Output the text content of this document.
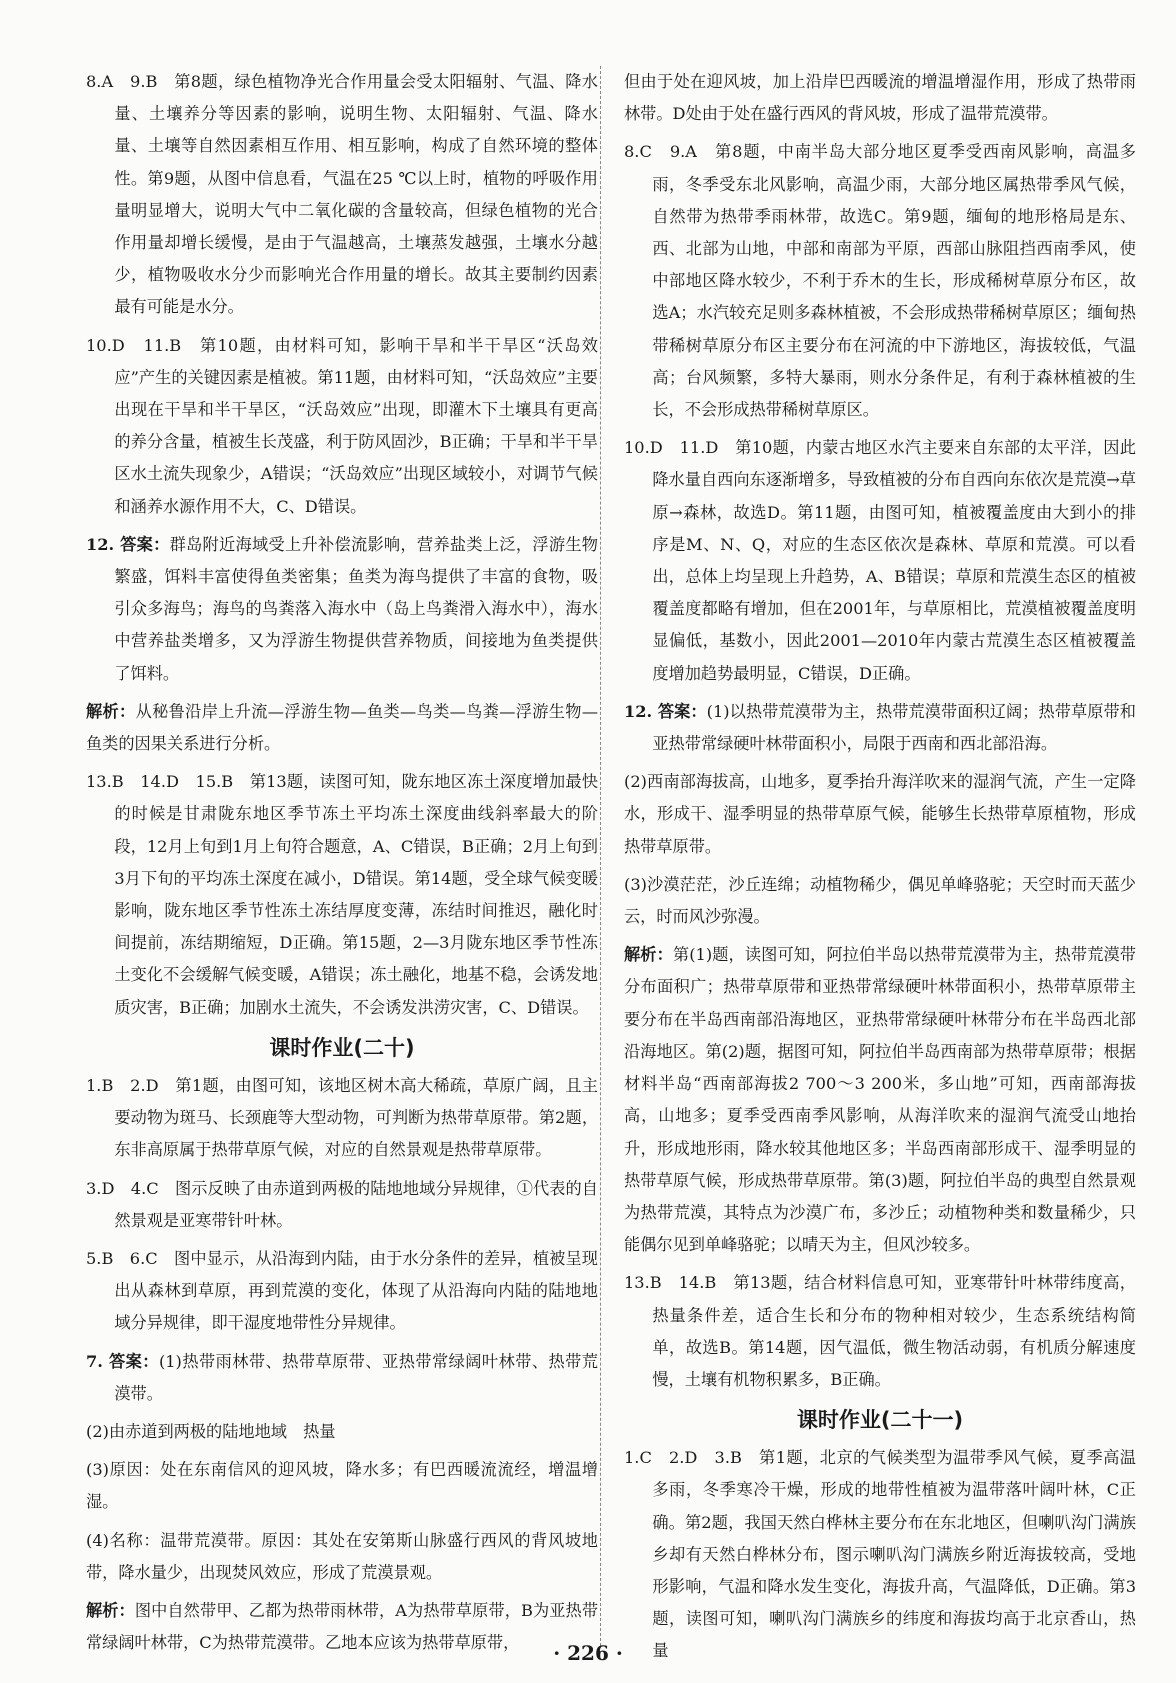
8.A　9.B　第8题，绿色植物净光合作用量会受太阳辐射、气温、降水量、土壤养分等因素的影响，说明生物、太阳辐射、气温、降水量、土壤等自然因素相互作用、相互影响，构成了自然环境的整体性。第9题，从图中信息看，气温在25 ℃以上时，植物的呼吸作用量明显增大，说明大气中二氧化碳的含量较高，但绿色植物的光合作用量却增长缓慢，是由于气温越高，土壤蒸发越强，土壤水分越少，植物吸收水分少而影响光合作用量的增长。故其主要制约因素最有可能是水分。
10.D　11.B　第10题，由材料可知，影响干旱和半干旱区“沃岛效应”产生的关键因素是植被。第11题，由材料可知，“沃岛效应”主要出现在干旱和半干旱区，“沃岛效应”出现，即灌木下土壤具有更高的养分含量，植被生长茂盛，利于防风固沙，B正确；干旱和半干旱区水土流失现象少，A错误；“沃岛效应”出现区域较小，对调节气候和涵养水源作用不大，C、D错误。
12. 答案：群岛附近海域受上升补偿流影响，营养盐类上泛，浮游生物繁盛，饵料丰富使得鱼类密集；鱼类为海鸟提供了丰富的食物，吸引众多海鸟；海鸟的鸟粪落入海水中（岛上鸟粪滑入海水中），海水中营养盐类增多，又为浮游生物提供营养物质，间接地为鱼类提供了饵料。
解析：从秘鲁沿岸上升流—浮游生物—鱼类—鸟类—鸟粪—浮游生物—鱼类的因果关系进行分析。
13.B　14.D　15.B　第13题，读图可知，陇东地区冻土深度增加最快的时候是甘肃陇东地区季节冻土平均冻土深度曲线斜率最大的阶段，12月上旬到1月上旬符合题意，A、C错误，B正确；2月上旬到3月下旬的平均冻土深度在减小，D错误。第14题，受全球气候变暖影响，陇东地区季节性冻土冻结厚度变薄，冻结时间推迟，融化时间提前，冻结期缩短，D正确。第15题，2—3月陇东地区季节性冻土变化不会缓解气候变暖，A错误；冻土融化，地基不稳，会诱发地质灾害，B正确；加剧水土流失，不会诱发洪涝灾害，C、D错误。
课时作业(二十)
1.B　2.D　第1题，由图可知，该地区树木高大稀疏，草原广阔，且主要动物为斑马、长颈鹿等大型动物，可判断为热带草原带。第2题，东非高原属于热带草原气候，对应的自然景观是热带草原带。
3.D　4.C　图示反映了由赤道到两极的陆地地域分异规律，①代表的自然景观是亚寒带针叶林。
5.B　6.C　图中显示，从沿海到内陆，由于水分条件的差异，植被呈现出从森林到草原，再到荒漠的变化，体现了从沿海向内陆的陆地地域分异规律，即干湿度地带性分异规律。
7. 答案：(1)热带雨林带、热带草原带、亚热带常绿阔叶林带、热带荒漠带。
(2)由赤道到两极的陆地地域　热量
(3)原因：处在东南信风的迎风坡，降水多；有巴西暖流流经，增温增湿。
(4)名称：温带荒漠带。原因：其处在安第斯山脉盛行西风的背风坡地带，降水量少，出现焚风效应，形成了荒漠景观。
解析：图中自然带甲、乙都为热带雨林带，A为热带草原带，B为亚热带常绿阔叶林带，C为热带荒漠带。乙地本应该为热带草原带，
但由于处在迎风坡，加上沿岸巴西暖流的增温增湿作用，形成了热带雨林带。D处由于处在盛行西风的背风坡，形成了温带荒漠带。
8.C　9.A　第8题，中南半岛大部分地区夏季受西南风影响，高温多雨，冬季受东北风影响，高温少雨，大部分地区属热带季风气候，自然带为热带季雨林带，故选C。第9题，缅甸的地形格局是东、西、北部为山地，中部和南部为平原，西部山脉阻挡西南季风，使中部地区降水较少，不利于乔木的生长，形成稀树草原分布区，故选A；水汽较充足则多森林植被，不会形成热带稀树草原区；缅甸热带稀树草原分布区主要分布在河流的中下游地区，海拔较低，气温高；台风频繁，多特大暴雨，则水分条件足，有利于森林植被的生长，不会形成热带稀树草原区。
10.D　11.D　第10题，内蒙古地区水汽主要来自东部的太平洋，因此降水量自西向东逐渐增多，导致植被的分布自西向东依次是荒漠→草原→森林，故选D。第11题，由图可知，植被覆盖度由大到小的排序是M、N、Q，对应的生态区依次是森林、草原和荒漠。可以看出，总体上均呈现上升趋势，A、B错误；草原和荒漠生态区的植被覆盖度都略有增加，但在2001年，与草原相比，荒漠植被覆盖度明显偏低，基数小，因此2001—2010年内蒙古荒漠生态区植被覆盖度增加趋势最明显，C错误，D正确。
12. 答案：(1)以热带荒漠带为主，热带荒漠带面积辽阔；热带草原带和亚热带常绿硬叶林带面积小，局限于西南和西北部沿海。
(2)西南部海拔高，山地多，夏季抬升海洋吹来的湿润气流，产生一定降水，形成干、湿季明显的热带草原气候，能够生长热带草原植物，形成热带草原带。
(3)沙漠茫茫，沙丘连绵；动植物稀少，偶见单峰骆驼；天空时而天蓝少云，时而风沙弥漫。
解析：第(1)题，读图可知，阿拉伯半岛以热带荒漠带为主，热带荒漠带分布面积广；热带草原带和亚热带常绿硬叶林带面积小，热带草原带主要分布在半岛西南部沿海地区，亚热带常绿硬叶林带分布在半岛西北部沿海地区。第(2)题，据图可知，阿拉伯半岛西南部为热带草原带；根据材料半岛“西南部海拔2 700～3 200米，多山地”可知，西南部海拔高，山地多；夏季受西南季风影响，从海洋吹来的湿润气流受山地抬升，形成地形雨，降水较其他地区多；半岛西南部形成干、湿季明显的热带草原气候，形成热带草原带。第(3)题，阿拉伯半岛的典型自然景观为热带荒漠，其特点为沙漠广布，多沙丘；动植物种类和数量稀少，只能偶尔见到单峰骆驼；以晴天为主，但风沙较多。
13.B　14.B　第13题，结合材料信息可知，亚寒带针叶林带纬度高，热量条件差，适合生长和分布的物种相对较少，生态系统结构简单，故选B。第14题，因气温低，微生物活动弱，有机质分解速度慢，土壤有机物积累多，B正确。
课时作业(二十一)
1.C　2.D　3.B　第1题，北京的气候类型为温带季风气候，夏季高温多雨，冬季寒冷干燥，形成的地带性植被为温带落叶阔叶林，C正确。第2题，我国天然白桦林主要分布在东北地区，但喇叭沟门满族乡却有天然白桦林分布，图示喇叭沟门满族乡附近海拔较高，受地形影响，气温和降水发生变化，海拔升高，气温降低，D正确。第3题，读图可知，喇叭沟门满族乡的纬度和海拔均高于北京香山，热量
· 226 ·
